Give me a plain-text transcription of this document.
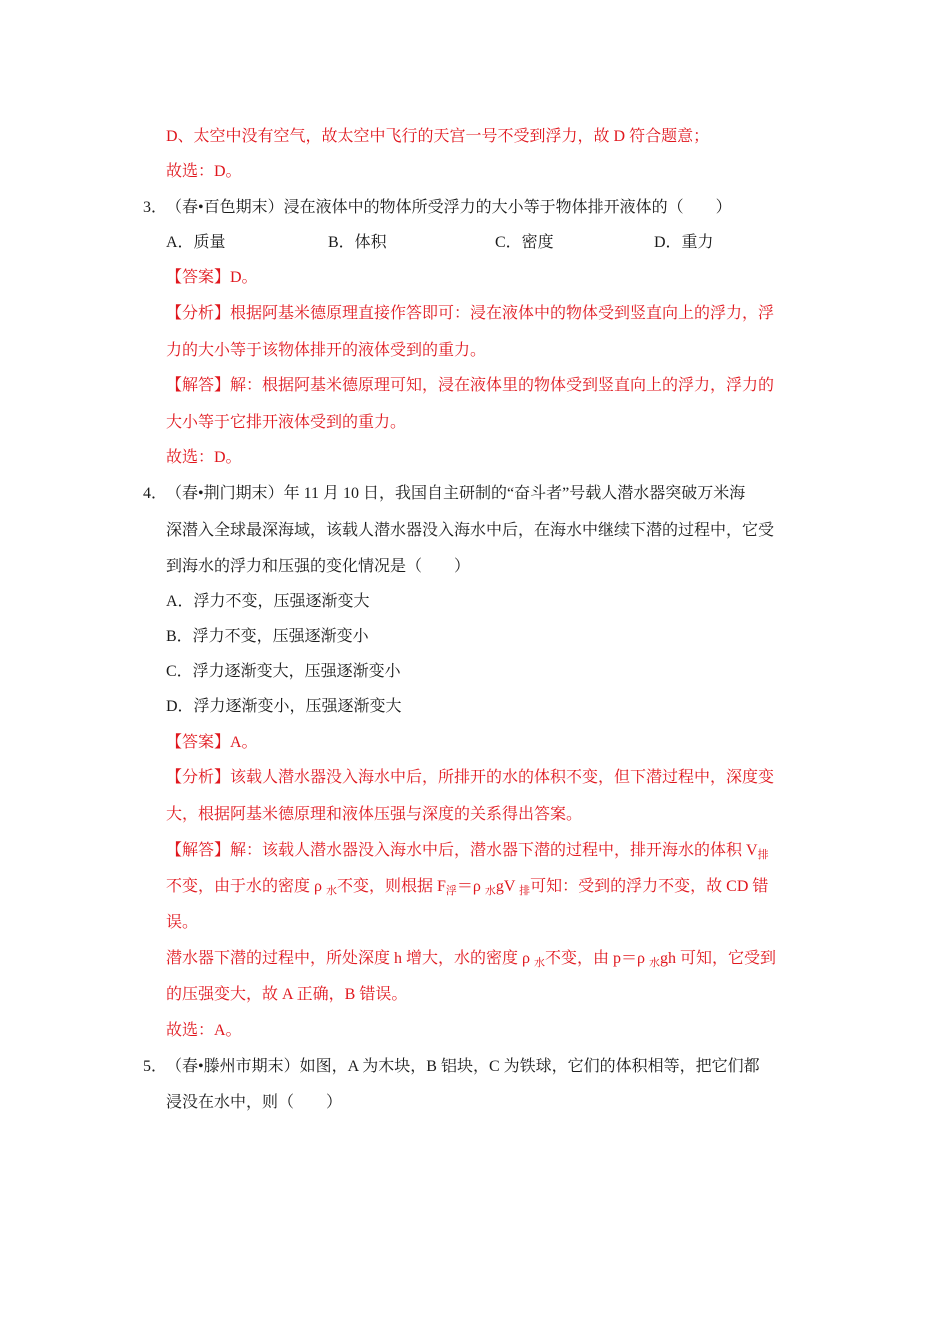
D、太空中没有空气，故太空中飞行的天宫一号不受到浮力，故 D 符合题意；
故选：D。
3．
（春•百色期末）浸在液体中的物体所受浮力的大小等于物体排开液体的（　　）
A．质量	B．体积	C．密度	D．重力
【答案】D。
【分析】根据阿基米德原理直接作答即可：浸在液体中的物体受到竖直向上的浮力，浮
力的大小等于该物体排开的液体受到的重力。
【解答】解：根据阿基米德原理可知，浸在液体里的物体受到竖直向上的浮力，浮力的
大小等于它排开液体受到的重力。
故选：D。
4．
（春•荆门期末）年 11 月 10 日，我国自主研制的“奋斗者”号载人潜水器突破万米海
深潜入全球最深海域，该载人潜水器没入海水中后，在海水中继续下潜的过程中，它受
到海水的浮力和压强的变化情况是（　　）
A．浮力不变，压强逐渐变大
B．浮力不变，压强逐渐变小
C．浮力逐渐变大，压强逐渐变小
D．浮力逐渐变小，压强逐渐变大
【答案】A。
【分析】该载人潜水器没入海水中后，所排开的水的体积不变，但下潜过程中，深度变
大，根据阿基米德原理和液体压强与深度的关系得出答案。
【解答】解：该载人潜水器没入海水中后，潜水器下潜的过程中，排开海水的体积 $V_排$
不变，由于水的密度 ρ $_水$不变，则根据 $F_浮=\rho$ $_水$gV $_排$可知：受到的浮力不变，故 CD 错
误。
潜水器下潜的过程中，所处深度 h 增大，水的密度 ρ $_水$不变，由 p＝ρ $_水$gh 可知，它受到
的压强变大，故 A 正确，B 错误。
故选：A。
5．
（春•滕州市期末）如图，A 为木块，B 铝块，C 为铁球，它们的体积相等，把它们都
浸没在水中，则（　　）
